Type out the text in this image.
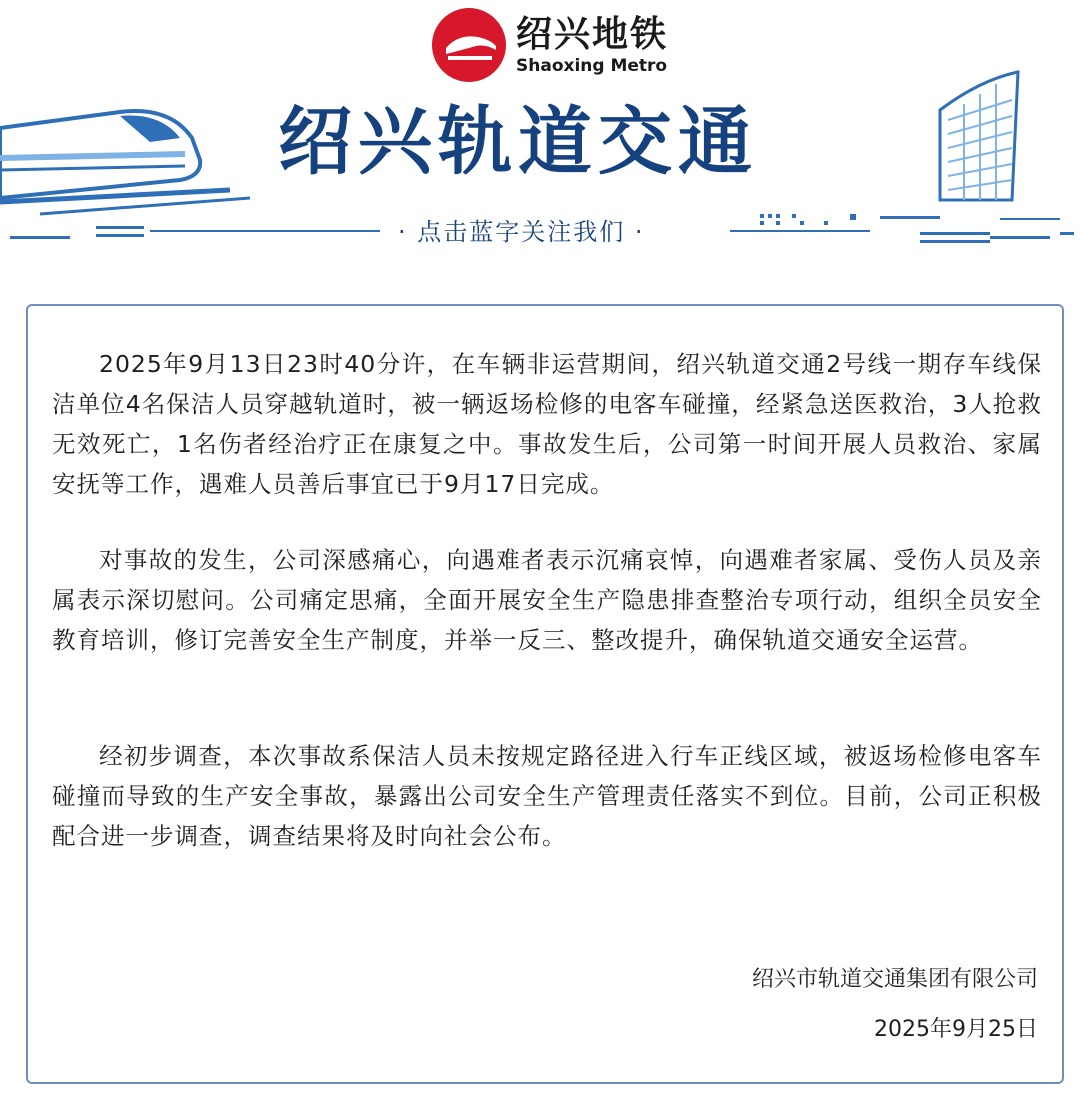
绍兴地铁
Shaoxing Metro
绍兴轨道交通
· 点击蓝字关注我们 ·

2025年9月13日23时40分许，在车辆非运营期间，绍兴轨道交通2号线一期存车线保洁单位4名保洁人员穿越轨道时，被一辆返场检修的电客车碰撞，经紧急送医救治，3人抢救无效死亡，1名伤者经治疗正在康复之中。事故发生后，公司第一时间开展人员救治、家属安抚等工作，遇难人员善后事宜已于9月17日完成。

对事故的发生，公司深感痛心，向遇难者表示沉痛哀悼，向遇难者家属、受伤人员及亲属表示深切慰问。公司痛定思痛，全面开展安全生产隐患排查整治专项行动，组织全员安全教育培训，修订完善安全生产制度，并举一反三、整改提升，确保轨道交通安全运营。

经初步调查，本次事故系保洁人员未按规定路径进入行车正线区域，被返场检修电客车碰撞而导致的生产安全事故，暴露出公司安全生产管理责任落实不到位。目前，公司正积极配合进一步调查，调查结果将及时向社会公布。

绍兴市轨道交通集团有限公司
2025年9月25日
